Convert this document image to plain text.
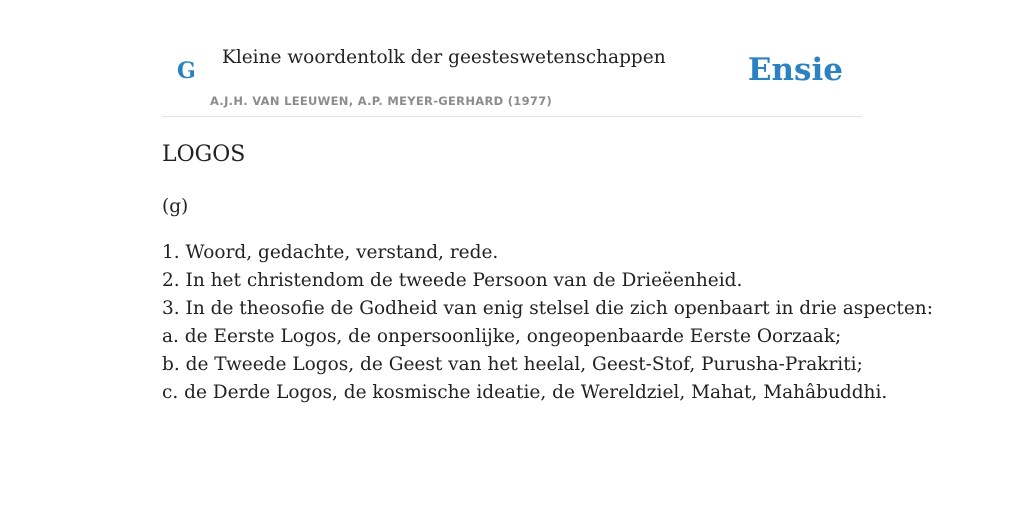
G
Kleine woordentolk der geesteswetenschappen
A.J.H. VAN LEEUWEN, A.P. MEYER-GERHARD (1977)
Ensie
LOGOS
(g)
1. Woord, gedachte, verstand, rede.
2. In het christendom de tweede Persoon van de Drieëenheid.
3. In de theosofie de Godheid van enig stelsel die zich openbaart in drie aspecten:
a. de Eerste Logos, de onpersoonlijke, ongeopenbaarde Eerste Oorzaak;
b. de Tweede Logos, de Geest van het heelal, Geest-Stof, Purusha-Prakriti;
c. de Derde Logos, de kosmische ideatie, de Wereldziel, Mahat, Mahâbuddhi.
